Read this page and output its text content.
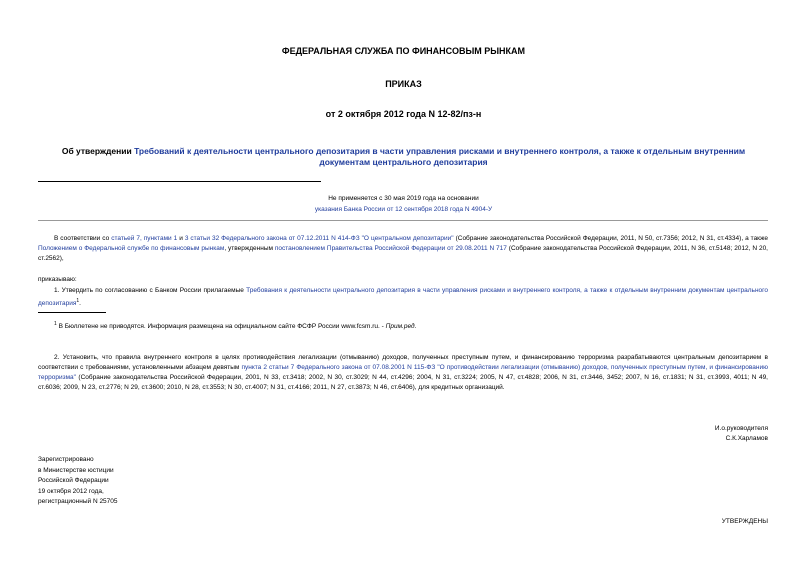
ФЕДЕРАЛЬНАЯ СЛУЖБА ПО ФИНАНСОВЫМ РЫНКАМ
ПРИКАЗ
от 2 октября 2012 года N 12-82/пз-н
Об утверждении Требований к деятельности центрального депозитария в части управления рисками и внутреннего контроля, а также к отдельным внутренним документам центрального депозитария
Не применяется с 30 мая 2019 года на основании
указания Банка России от 12 сентября 2018 года N 4904-У
В соответствии со статьей 7, пунктами 1 и 3 статьи 32 Федерального закона от 07.12.2011 N 414-ФЗ "О центральном депозитарии" (Собрание законодательства Российской Федерации, 2011, N 50, ст.7356; 2012, N 31, ст.4334), а также Положением о Федеральной службе по финансовым рынкам, утвержденным постановлением Правительства Российской Федерации от 29.08.2011 N 717 (Собрание законодательства Российской Федерации, 2011, N 36, ст.5148; 2012, N 20, ст.2562),
приказываю:
1. Утвердить по согласованию с Банком России прилагаемые Требования к деятельности центрального депозитария в части управления рисками и внутреннего контроля, а также к отдельным внутренним документам центрального депозитария$^1$.
$^1$ В Бюллетене не приводятся. Информация размещена на официальном сайте ФСФР России www.fcsm.ru. - Прим.ред.
2. Установить, что правила внутреннего контроля в целях противодействия легализации (отмыванию) доходов, полученных преступным путем, и финансированию терроризма разрабатываются центральным депозитарием в соответствии с требованиями, установленными абзацем девятым пункта 2 статьи 7 Федерального закона от 07.08.2001 N 115-ФЗ "О противодействии легализации (отмыванию) доходов, полученных преступным путем, и финансированию терроризма" (Собрание законодательства Российской Федерации, 2001, N 33, ст.3418; 2002, N 30, ст.3029; N 44, ст.4296; 2004, N 31, ст.3224; 2005, N 47, ст.4828; 2006, N 31, ст.3446, 3452; 2007, N 16, ст.1831; N 31, ст.3993, 4011; N 49, ст.6036; 2009, N 23, ст.2776; N 29, ст.3600; 2010, N 28, ст.3553; N 30, ст.4007; N 31, ст.4166; 2011, N 27, ст.3873; N 46, ст.6406), для кредитных организаций.
И.о.руководителя
С.К.Харламов
Зарегистрировано
в Министерстве юстиции
Российской Федерации
19 октября 2012 года,
регистрационный N 25705
УТВЕРЖДЕНЫ
